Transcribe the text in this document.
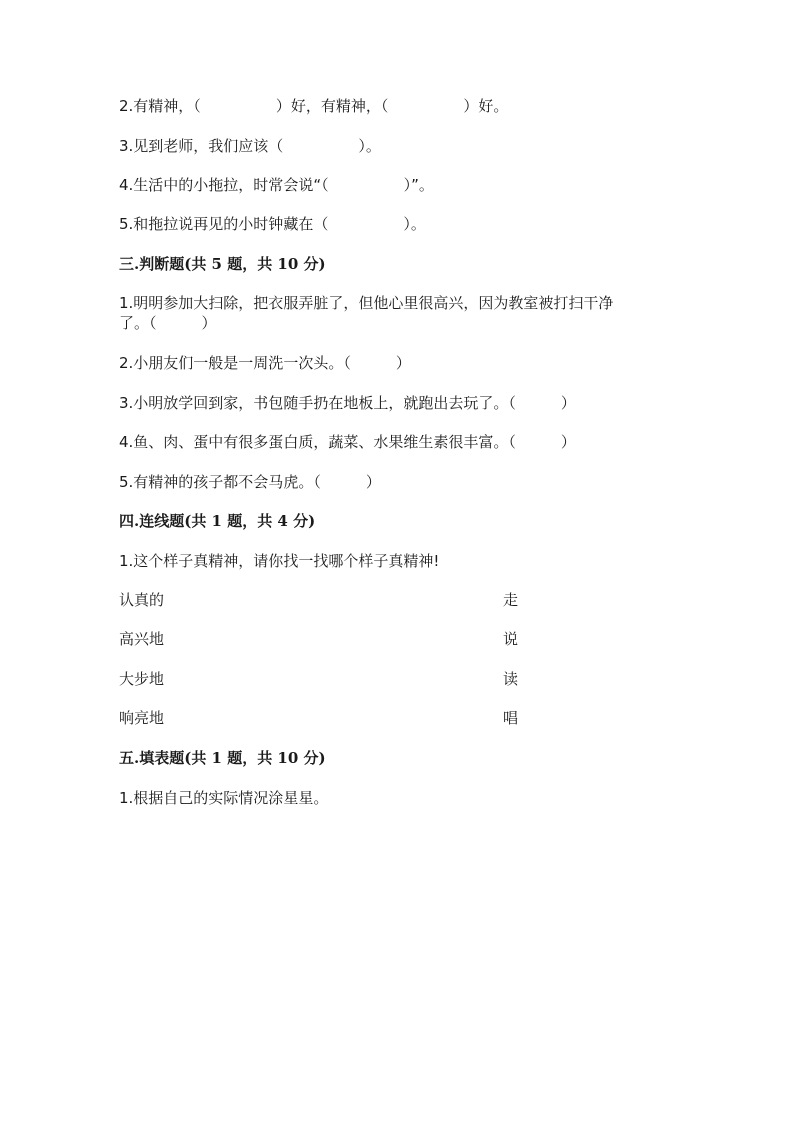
2.有精神，（　　　　　）好，有精神，（　　　　　）好。
3.见到老师，我们应该（　　　　　）。
4.生活中的小拖拉，时常会说“（　　　　　）”。
5.和拖拉说再见的小时钟藏在（　　　　　）。
三.判断题(共 5 题，共 10 分)
1.明明参加大扫除，把衣服弄脏了，但他心里很高兴，因为教室被打扫干净
了。（　　　）
2.小朋友们一般是一周洗一次头。（　　　）
3.小明放学回到家，书包随手扔在地板上，就跑出去玩了。（　　　）
4.鱼、肉、蛋中有很多蛋白质，蔬菜、水果维生素很丰富。（　　　）
5.有精神的孩子都不会马虎。（　　　）
四.连线题(共 1 题，共 4 分)
1.这个样子真精神，请你找一找哪个样子真精神!
认真的	走
高兴地	说
大步地	读
响亮地	唱
五.填表题(共 1 题，共 10 分)
1.根据自己的实际情况涂星星。
